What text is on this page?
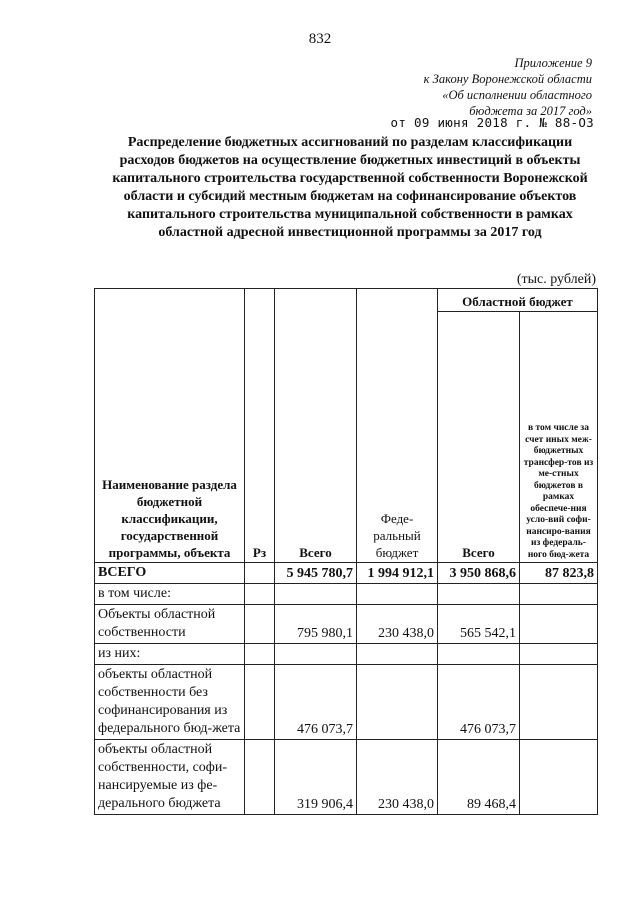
832
Приложение 9
к Закону Воронежской области
«Об исполнении областного
бюджета за 2017 год»
от 09 июня 2018 г. № 88-ОЗ
Распределение бюджетных ассигнований по разделам классификации расходов бюджетов на осуществление бюджетных инвестиций в объекты капитального строительства государственной собственности Воронежской области и субсидий местным бюджетам на софинансирование объектов капитального строительства муниципальной собственности в рамках областной адресной инвестиционной программы за 2017 год
(тыс. рублей)
Наименование раздела бюджетной классификации, государственной программы, объекта	Рз	Всего	Феде-ральный бюджет	Областной бюджет	
				Всего	в том числе за счет иных меж-бюджетных трансфер-тов из ме-стных бюджетов в рамках обеспече-ния усло-вий софи-нансиро-вания из федераль-ного бюд-жета
ВСЕГО		5 945 780,7	1 994 912,1	3 950 868,6	87 823,8
в том числе:					
Объекты областной собственности		795 980,1	230 438,0	565 542,1	
из них:					
объекты областной собственности без софинансирования из федерального бюд-жета		476 073,7		476 073,7	
объекты областной собственности, софи-нансируемые из фе-дерального бюджета		319 906,4	230 438,0	89 468,4	
